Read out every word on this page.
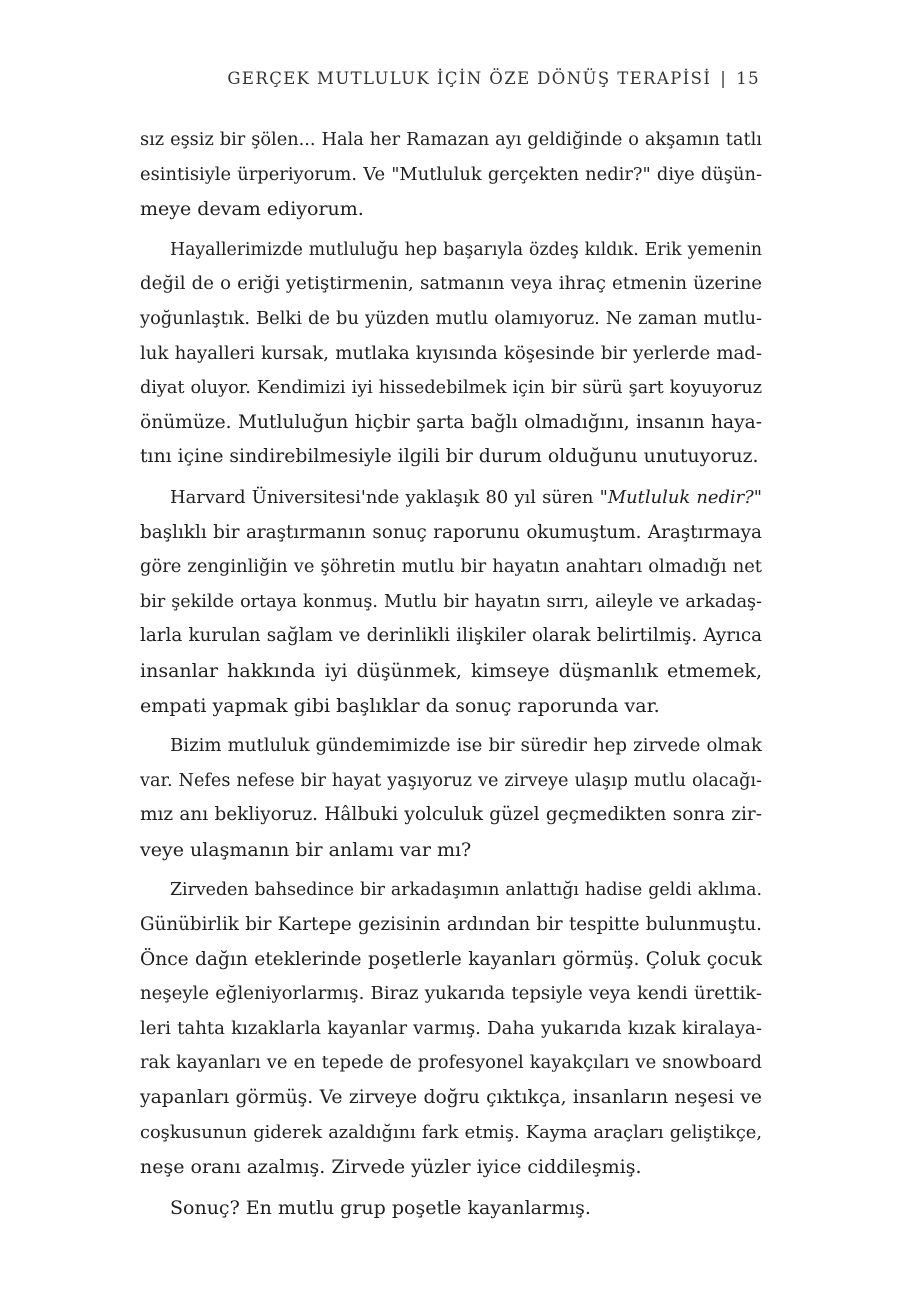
GERÇEK MUTLULUK İÇİN ÖZE DÖNÜŞ TERAPİSİ | 15
sız eşsiz bir şölen... Hala her Ramazan ayı geldiğinde o akşamın tatlı
esintisiyle ürperiyorum. Ve "Mutluluk gerçekten nedir?" diye düşün-
meye devam ediyorum.
Hayallerimizde mutluluğu hep başarıyla özdeş kıldık. Erik yemenin
değil de o eriği yetiştirmenin, satmanın veya ihraç etmenin üzerine
yoğunlaştık. Belki de bu yüzden mutlu olamıyoruz. Ne zaman mutlu-
luk hayalleri kursak, mutlaka kıyısında köşesinde bir yerlerde mad-
diyat oluyor. Kendimizi iyi hissedebilmek için bir sürü şart koyuyoruz
önümüze. Mutluluğun hiçbir şarta bağlı olmadığını, insanın haya-
tını içine sindirebilmesiyle ilgili bir durum olduğunu unutuyoruz.
Harvard Üniversitesi'nde yaklaşık 80 yıl süren "Mutluluk nedir?"
başlıklı bir araştırmanın sonuç raporunu okumuştum. Araştırmaya
göre zenginliğin ve şöhretin mutlu bir hayatın anahtarı olmadığı net
bir şekilde ortaya konmuş. Mutlu bir hayatın sırrı, aileyle ve arkadaş-
larla kurulan sağlam ve derinlikli ilişkiler olarak belirtilmiş. Ayrıca
insanlar hakkında iyi düşünmek, kimseye düşmanlık etmemek,
empati yapmak gibi başlıklar da sonuç raporunda var.
Bizim mutluluk gündemimizde ise bir süredir hep zirvede olmak
var. Nefes nefese bir hayat yaşıyoruz ve zirveye ulaşıp mutlu olacağı-
mız anı bekliyoruz. Hâlbuki yolculuk güzel geçmedikten sonra zir-
veye ulaşmanın bir anlamı var mı?
Zirveden bahsedince bir arkadaşımın anlattığı hadise geldi aklıma.
Günübirlik bir Kartepe gezisinin ardından bir tespitte bulunmuştu.
Önce dağın eteklerinde poşetlerle kayanları görmüş. Çoluk çocuk
neşeyle eğleniyorlarmış. Biraz yukarıda tepsiyle veya kendi ürettik-
leri tahta kızaklarla kayanlar varmış. Daha yukarıda kızak kiralaya-
rak kayanları ve en tepede de profesyonel kayakçıları ve snowboard
yapanları görmüş. Ve zirveye doğru çıktıkça, insanların neşesi ve
coşkusunun giderek azaldığını fark etmiş. Kayma araçları geliştikçe,
neşe oranı azalmış. Zirvede yüzler iyice ciddileşmiş.
Sonuç? En mutlu grup poşetle kayanlarmış.
